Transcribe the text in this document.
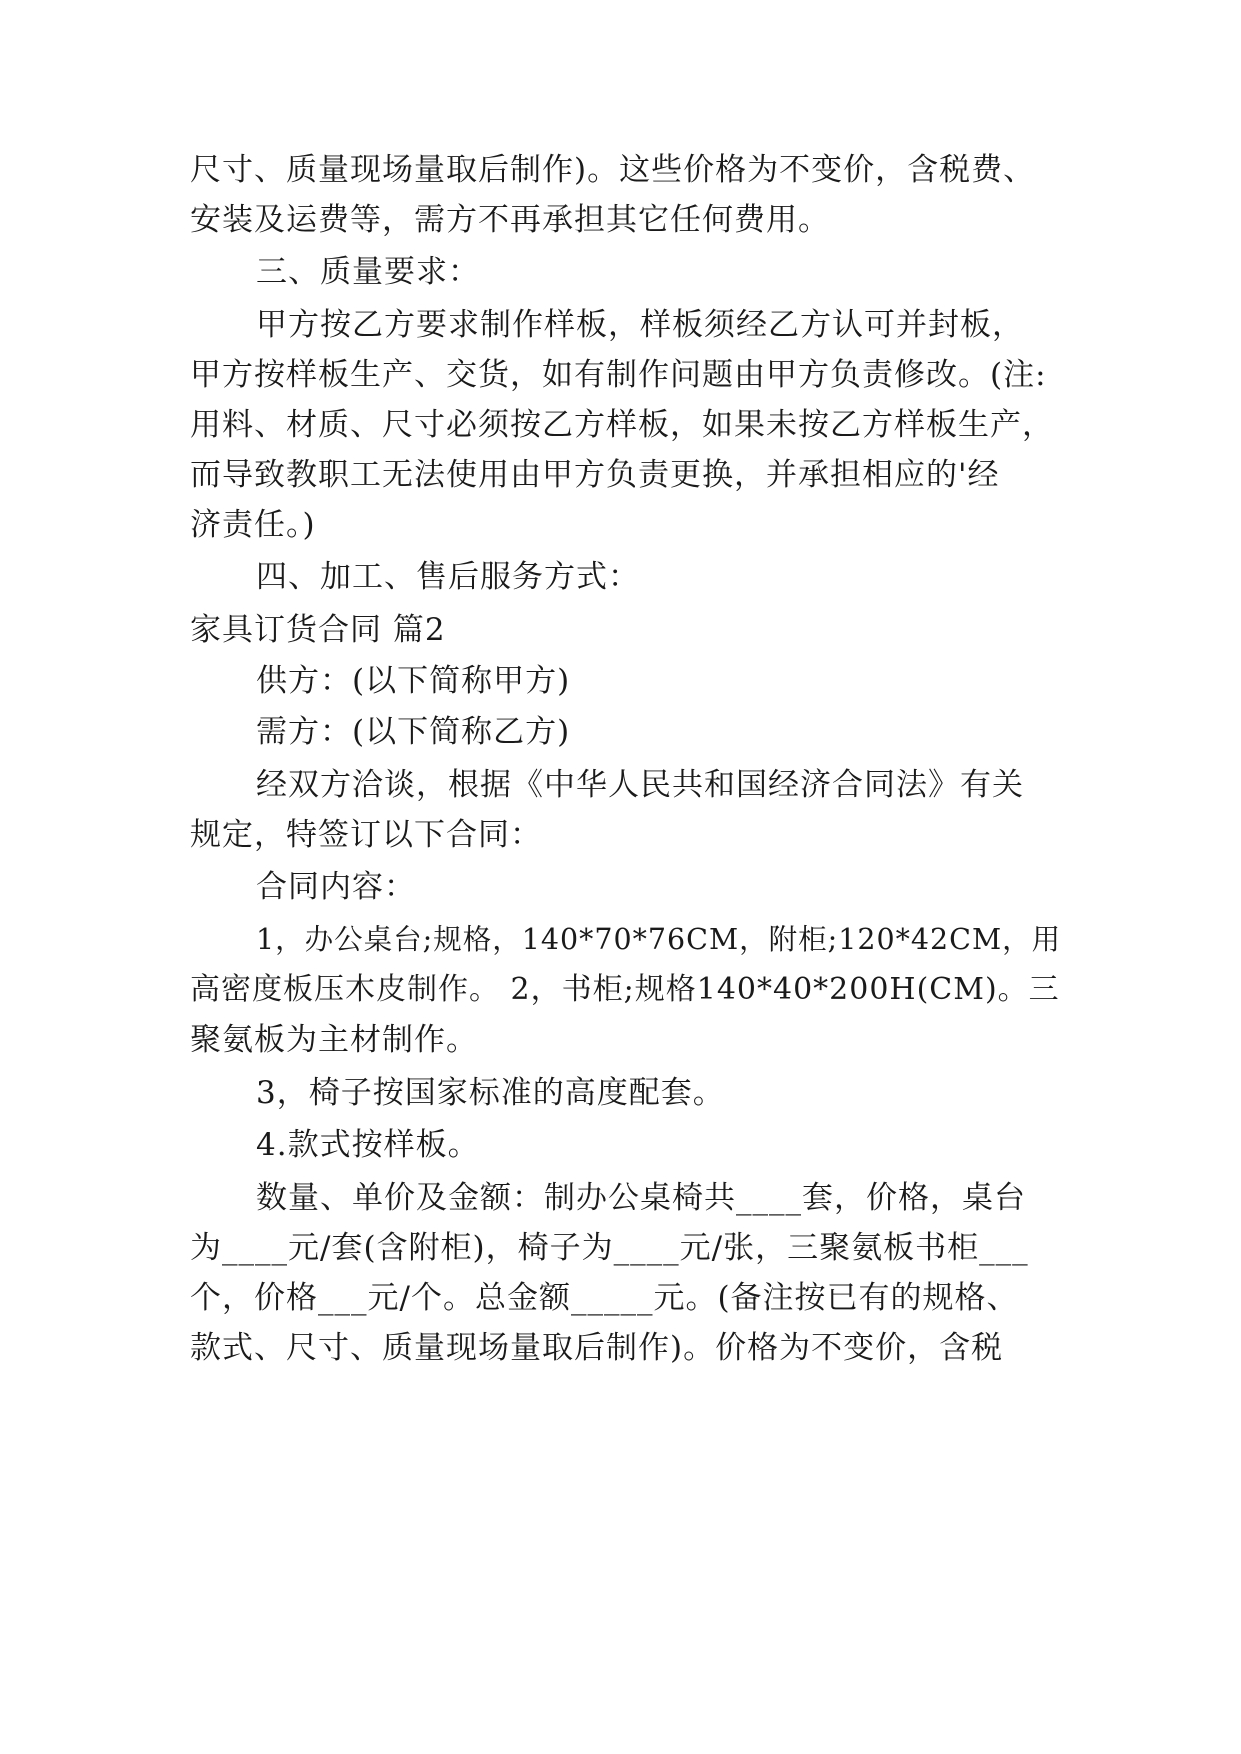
尺寸、质量现场量取后制作)。这些价格为不变价，含税费、

安装及运费等，需方不再承担其它任何费用。

三、质量要求：

甲方按乙方要求制作样板，样板须经乙方认可并封板，

甲方按样板生产、交货，如有制作问题由甲方负责修改。(注:

用料、材质、尺寸必须按乙方样板，如果未按乙方样板生产，

而导致教职工无法使用由甲方负责更换，并承担相应的'经

济责任。)

四、加工、售后服务方式：

家具订货合同 篇2

供方：(以下简称甲方)

需方：(以下简称乙方)

经双方洽谈，根据《中华人民共和国经济合同法》有关

规定，特签订以下合同：

合同内容：

1，办公桌台;规格，140*70*76CM，附柜;120*42CM，用

高密度板压木皮制作。 2，书柜;规格140*40*200H(CM)。三

聚氨板为主材制作。

3，椅子按国家标准的高度配套。

4.款式按样板。

数量、单价及金额：制办公桌椅共____套，价格，桌台

为____元/套(含附柜)，椅子为____元/张，三聚氨板书柜___

个，价格___元/个。总金额_____元。(备注按已有的规格、

款式、尺寸、质量现场量取后制作)。价格为不变价，含税
